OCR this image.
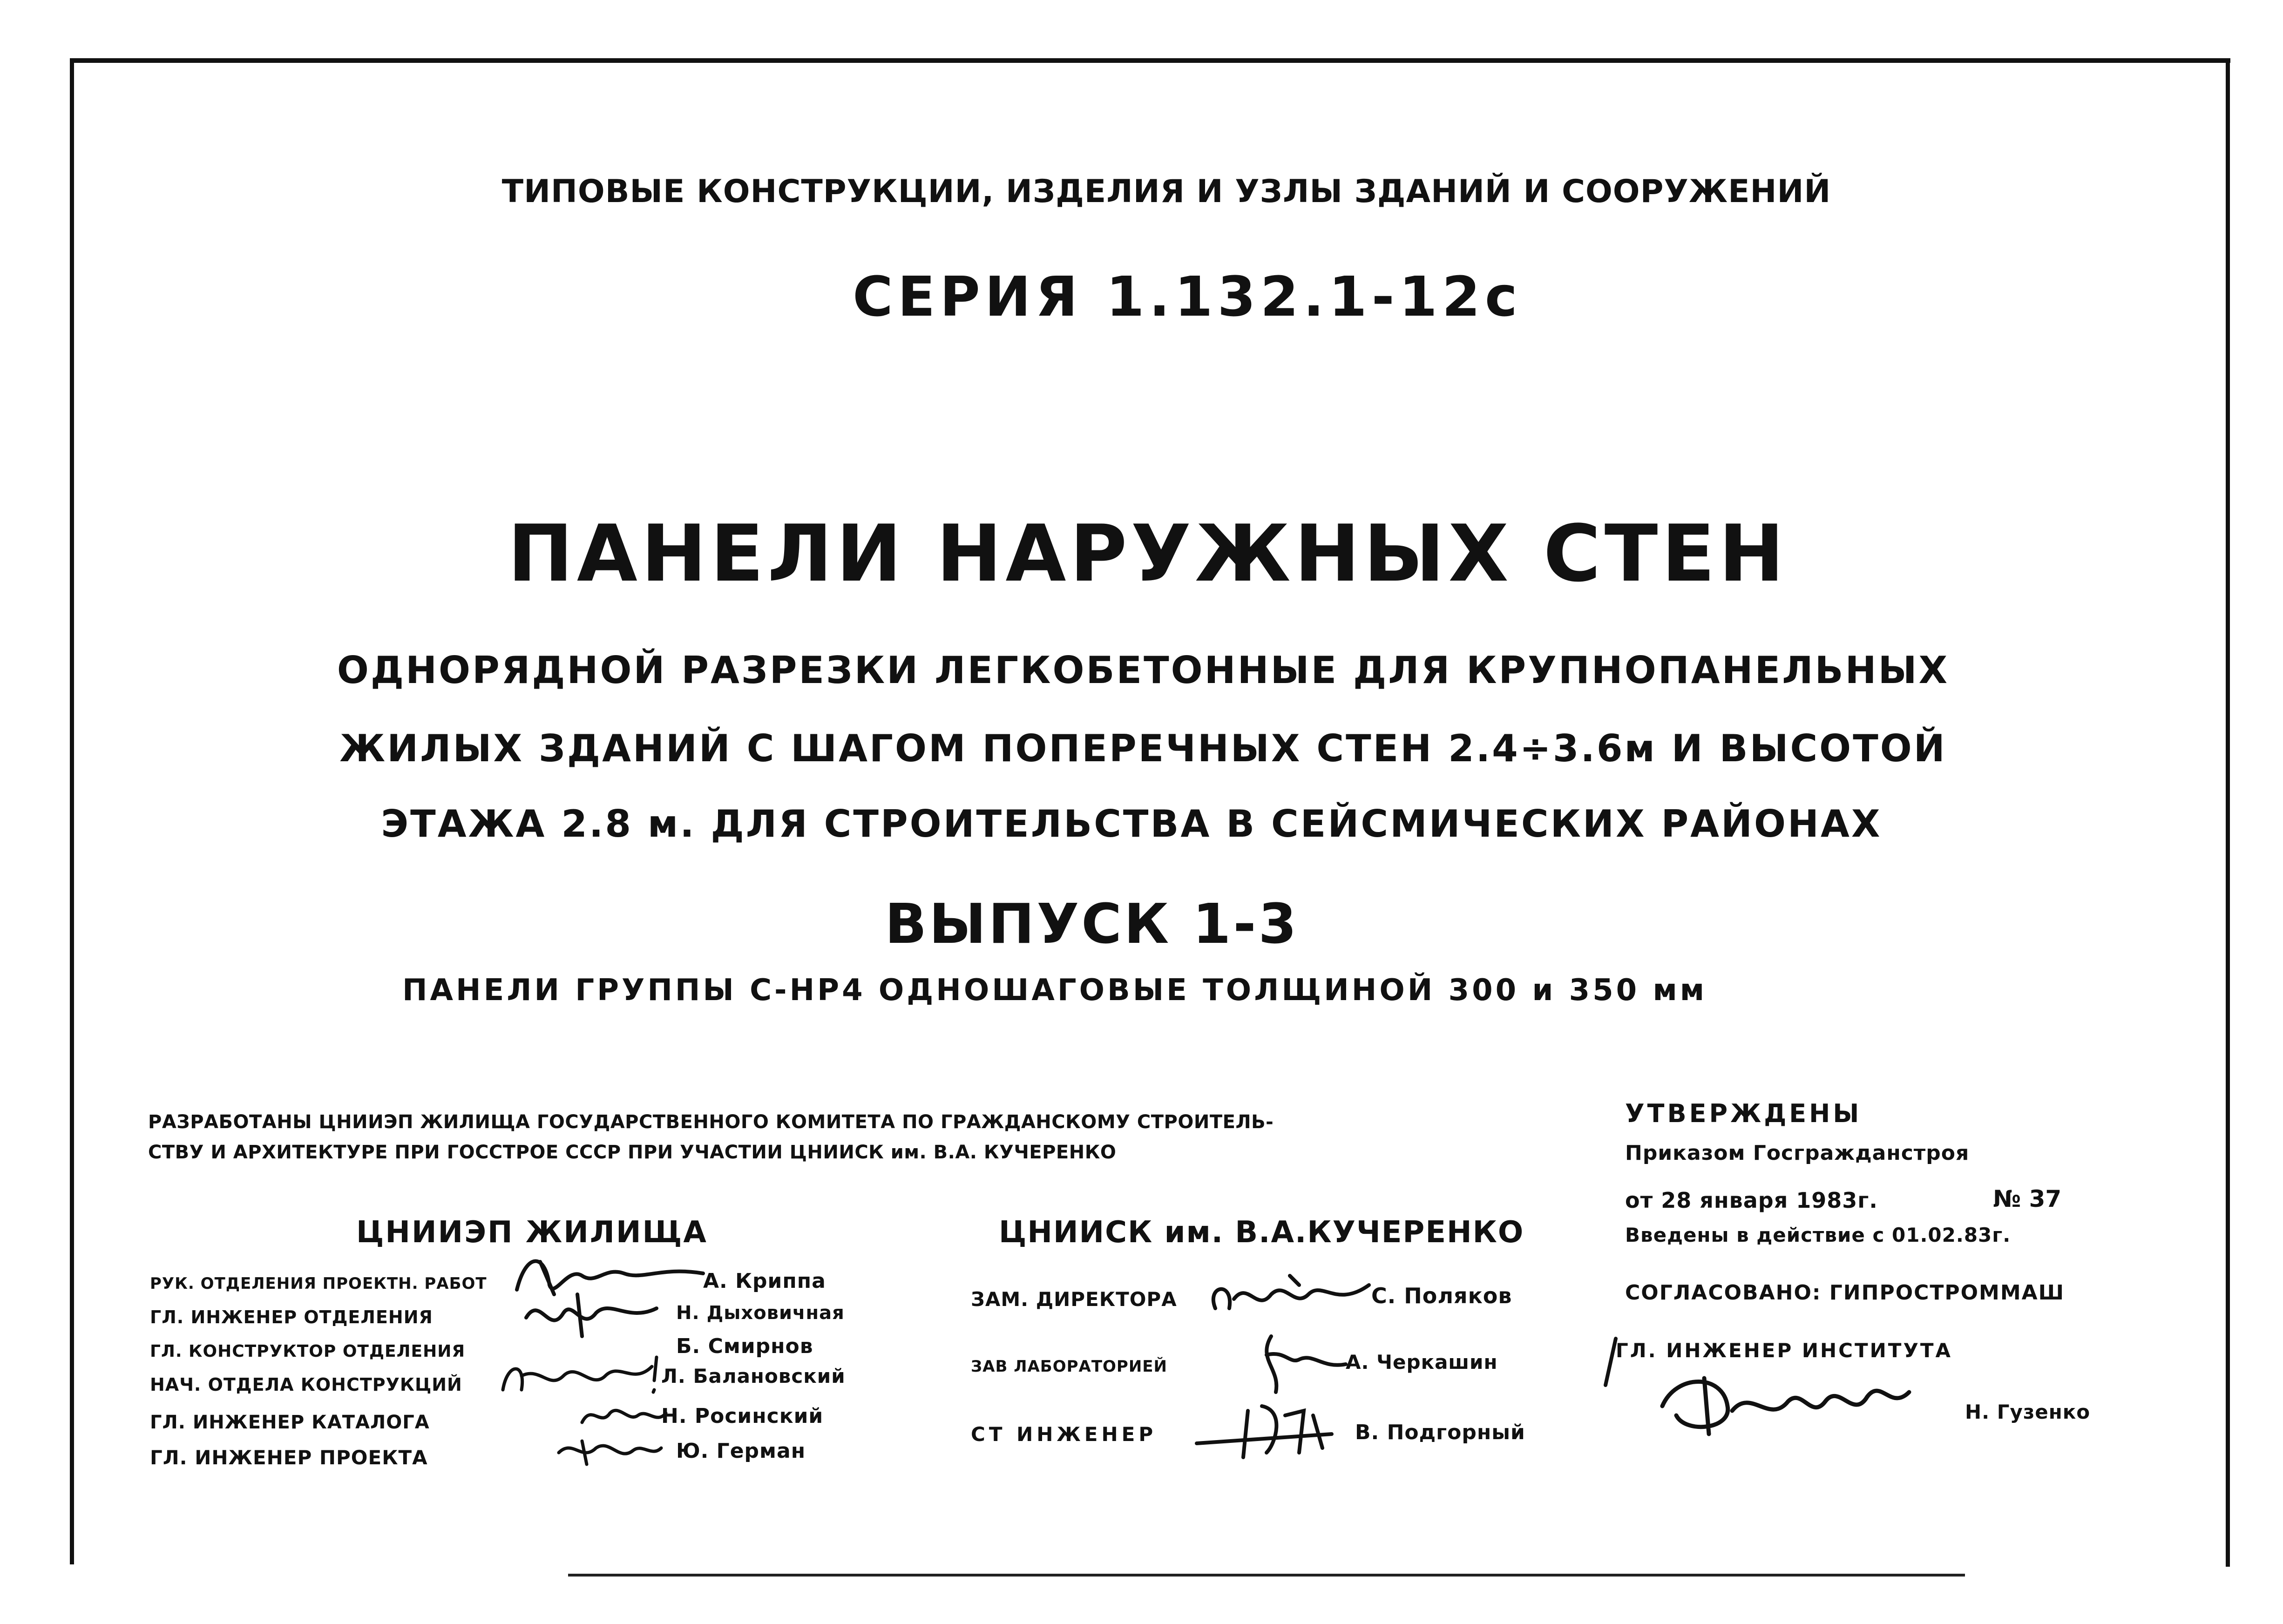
ТИПОВЫЕ КОНСТРУКЦИИ, ИЗДЕЛИЯ И УЗЛЫ ЗДАНИЙ И СООРУЖЕНИЙ
СЕРИЯ 1.132.1-12с
ПАНЕЛИ НАРУЖНЫХ СТЕН
ОДНОРЯДНОЙ РАЗРЕЗКИ ЛЕГКОБЕТОННЫЕ ДЛЯ КРУПНОПАНЕЛЬНЫХ
ЖИЛЫХ ЗДАНИЙ С ШАГОМ ПОПЕРЕЧНЫХ СТЕН 2.4÷3.6м И ВЫСОТОЙ
ЭТАЖА 2.8 м. ДЛЯ СТРОИТЕЛЬСТВА В СЕЙСМИЧЕСКИХ РАЙОНАХ
ВЫПУСК 1-3
ПАНЕЛИ ГРУППЫ С-НР4 ОДНОШАГОВЫЕ ТОЛЩИНОЙ 300 и 350 мм
РАЗРАБОТАНЫ ЦНИИЭП ЖИЛИЩА ГОСУДАРСТВЕННОГО КОМИТЕТА ПО ГРАЖДАНСКОМУ СТРОИТЕЛЬ-
СТВУ И АРХИТЕКТУРЕ ПРИ ГОССТРОЕ СССР ПРИ УЧАСТИИ ЦНИИСК им. В.А. КУЧЕРЕНКО
УТВЕРЖДЕНЫ
Приказом Госгражданстроя
от 28 января 1983г.	№ 37
Введены в действие с 01.02.83г.
СОГЛАСОВАНО: ГИПРОСТРОММАШ
ГЛ. ИНЖЕНЕР ИНСТИТУТА
Н. Гузенко
ЦНИИЭП ЖИЛИЩА
РУК. ОТДЕЛЕНИЯ ПРОЕКТН. РАБОТ	А. Криппа
ГЛ. ИНЖЕНЕР ОТДЕЛЕНИЯ	Н. Дыховичная
ГЛ. КОНСТРУКТОР ОТДЕЛЕНИЯ	Б. Смирнов
НАЧ. ОТДЕЛА КОНСТРУКЦИЙ	Л. Балановский
ГЛ. ИНЖЕНЕР КАТАЛОГА	Н. Росинский
ГЛ. ИНЖЕНЕР ПРОЕКТА	Ю. Герман
ЦНИИСК им. В.А.КУЧЕРЕНКО
ЗАМ. ДИРЕКТОРА	С. Поляков
ЗАВ ЛАБОРАТОРИЕЙ	А. Черкашин
СТ ИНЖЕНЕР	В. Подгорный
